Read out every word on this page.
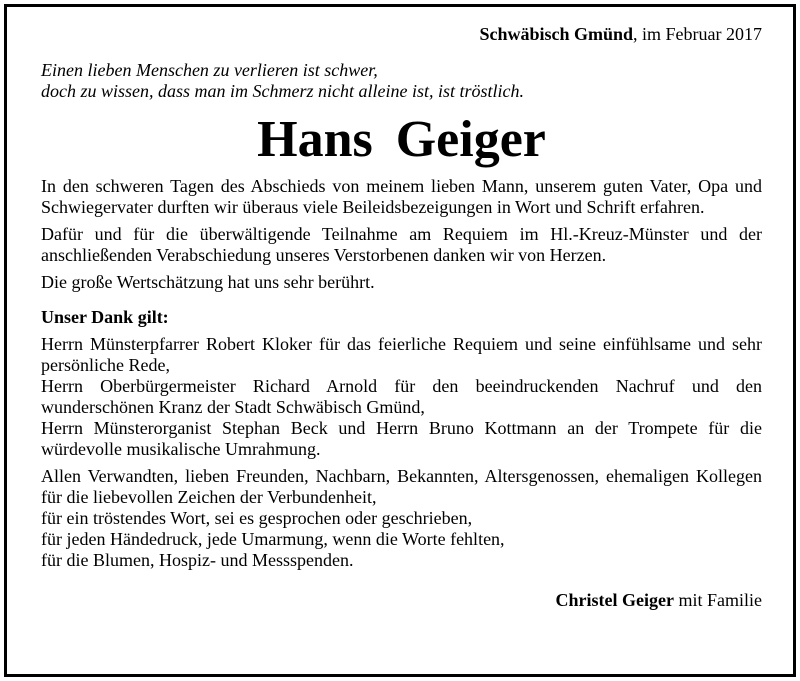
Schwäbisch Gmünd, im Februar 2017
Einen lieben Menschen zu verlieren ist schwer,
doch zu wissen, dass man im Schmerz nicht alleine ist, ist tröstlich.
Hans Geiger

In den schweren Tagen des Abschieds von meinem lieben Mann, unserem guten Vater, Opa und Schwiegervater durften wir überaus viele Beileidsbezeigungen in Wort und Schrift erfahren.

Dafür und für die überwältigende Teilnahme am Requiem im Hl.-Kreuz-Münster und der anschließenden Verabschiedung unseres Verstorbenen danken wir von Herzen.

Die große Wertschätzung hat uns sehr berührt.

Unser Dank gilt:

Herrn Münsterpfarrer Robert Kloker für das feierliche Requiem und seine einfühlsame und sehr persönliche Rede,
Herrn Oberbürgermeister Richard Arnold für den beeindruckenden Nachruf und den wunderschönen Kranz der Stadt Schwäbisch Gmünd,
Herrn Münsterorganist Stephan Beck und Herrn Bruno Kottmann an der Trompete für die würdevolle musikalische Umrahmung.
Allen Verwandten, lieben Freunden, Nachbarn, Bekannten, Altersgenossen, ehemaligen Kollegen für die liebevollen Zeichen der Verbundenheit,
für ein tröstendes Wort, sei es gesprochen oder geschrieben,
für jeden Händedruck, jede Umarmung, wenn die Worte fehlten,
für die Blumen, Hospiz- und Messspenden.
Christel Geiger mit Familie
